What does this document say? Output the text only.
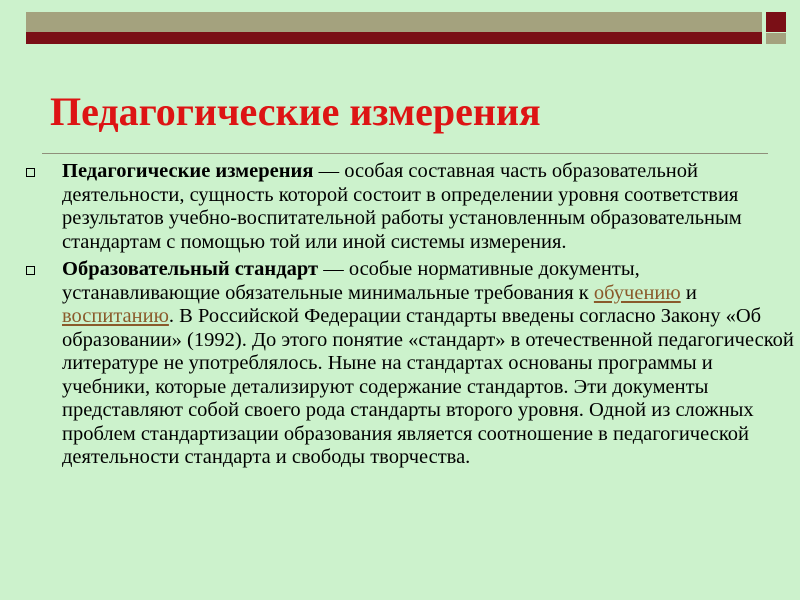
Педагогические измерения
Педагогические измерения — особая составная часть образовательной деятельности, сущность которой состоит в определении уровня соответствия результатов учебно-воспитательной работы установленным образовательным стандартам с помощью той или иной системы измерения.
Образовательный стандарт — особые нормативные документы, устанавливающие обязательные минимальные требования к обучению и воспитанию. В Российской Федерации стандарты введены согласно Закону «Об образовании» (1992). До этого понятие «стандарт» в отечественной педагогической литературе не употреблялось. Ныне на стандартах основаны программы и учебники, которые детализируют содержание стандартов. Эти документы представляют собой своего рода стандарты второго уровня. Одной из сложных проблем стандартизации образования является соотношение в педагогической деятельности стандарта и свободы творчества.
